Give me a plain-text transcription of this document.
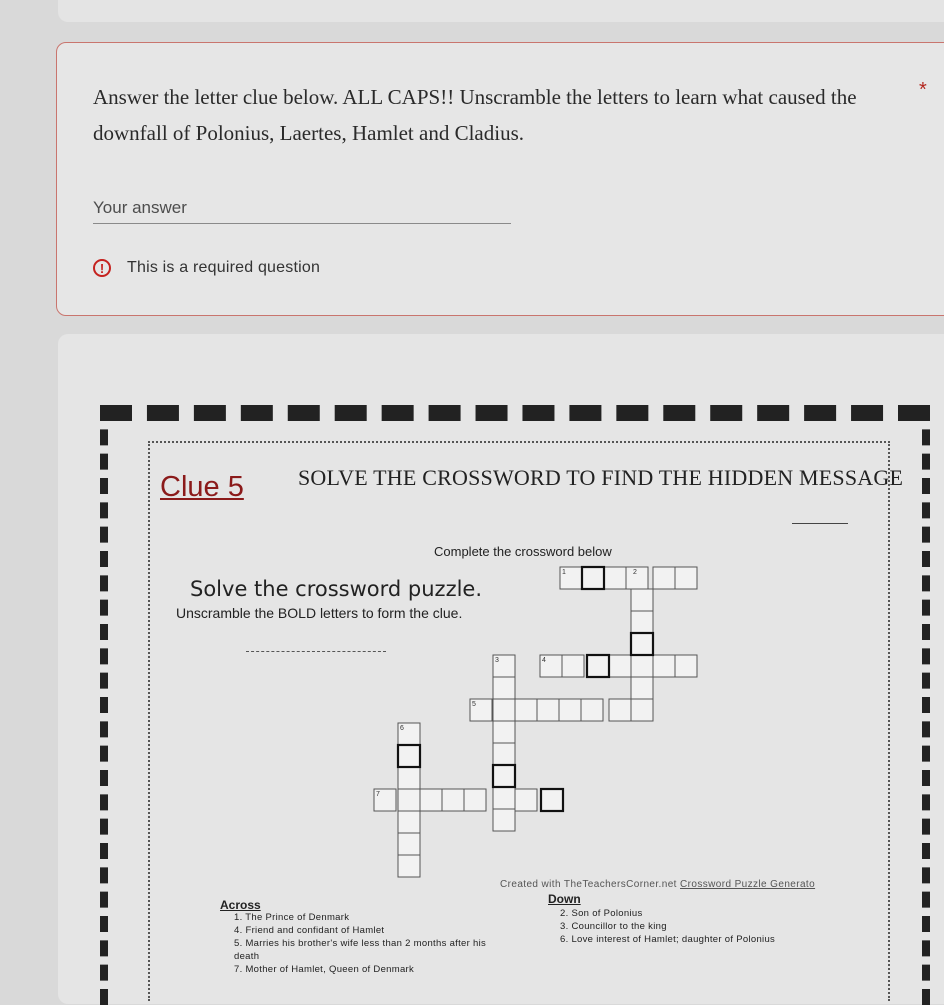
Answer the letter clue below. ALL CAPS!! Unscramble the letters to learn what caused the downfall of Polonius, Laertes, Hamlet and Cladius.

*
Your answer
!	This is a required question
Clue 5 SOLVE THE CROSSWORD TO FIND THE HIDDEN MESSAGE
Complete the crossword below
Solve the crossword puzzle.
Unscramble the BOLD letters to form the clue.
1	2
3	4
5
6
7
Created with TheTeachersCorner.net Crossword Puzzle Generato
Across	Down
1. The Prince of Denmark
4. Friend and confidant of Hamlet
5. Marries his brother's wife less than 2 months after his
death
7. Mother of Hamlet, Queen of Denmark
2. Son of Polonius
3. Councillor to the king
6. Love interest of Hamlet; daughter of Polonius
